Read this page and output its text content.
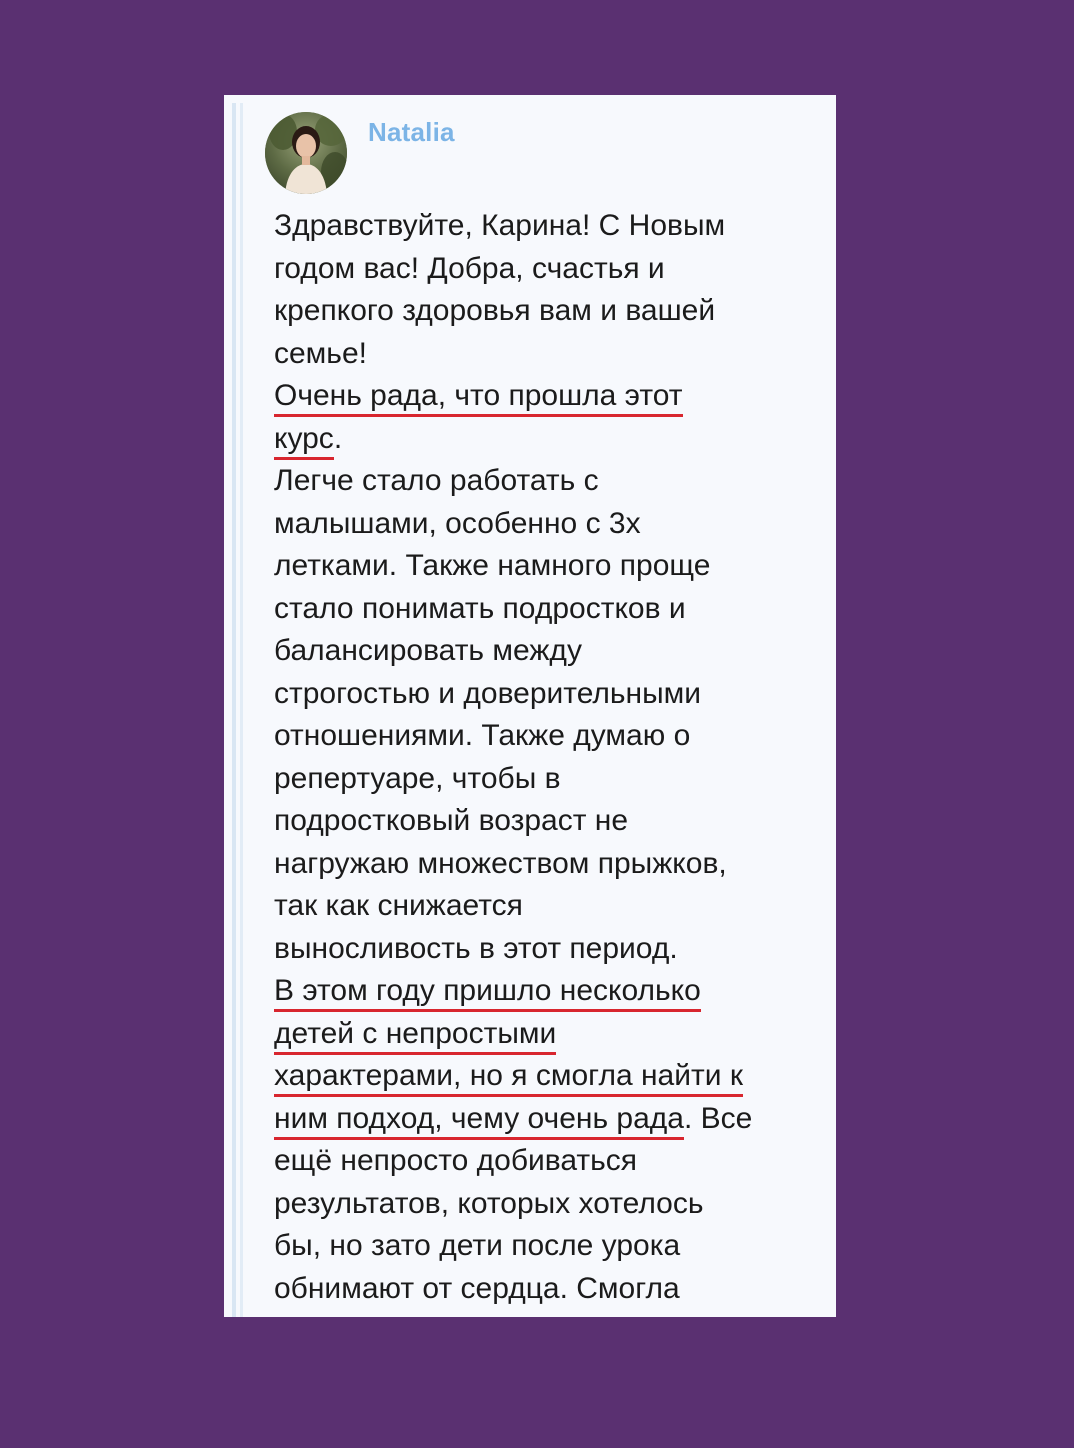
Natalia
Здравствуйте, Карина! С Новым
годом вас! Добра, счастья и
крепкого здоровья вам и вашей
семье!
Очень рада, что прошла этот
курс.
Легче стало работать с
малышами, особенно с 3х
летками. Также намного проще
стало понимать подростков и
балансировать между
строгостью и доверительными
отношениями. Также думаю о
репертуаре, чтобы в
подростковый возраст не
нагружаю множеством прыжков,
так как снижается
выносливость в этот период.
В этом году пришло несколько
детей с непростыми
характерами, но я смогла найти к
ним подход, чему очень рада. Все
ещё непросто добиваться
результатов, которых хотелось
бы, но зато дети после урока
обнимают от сердца. Смогла
